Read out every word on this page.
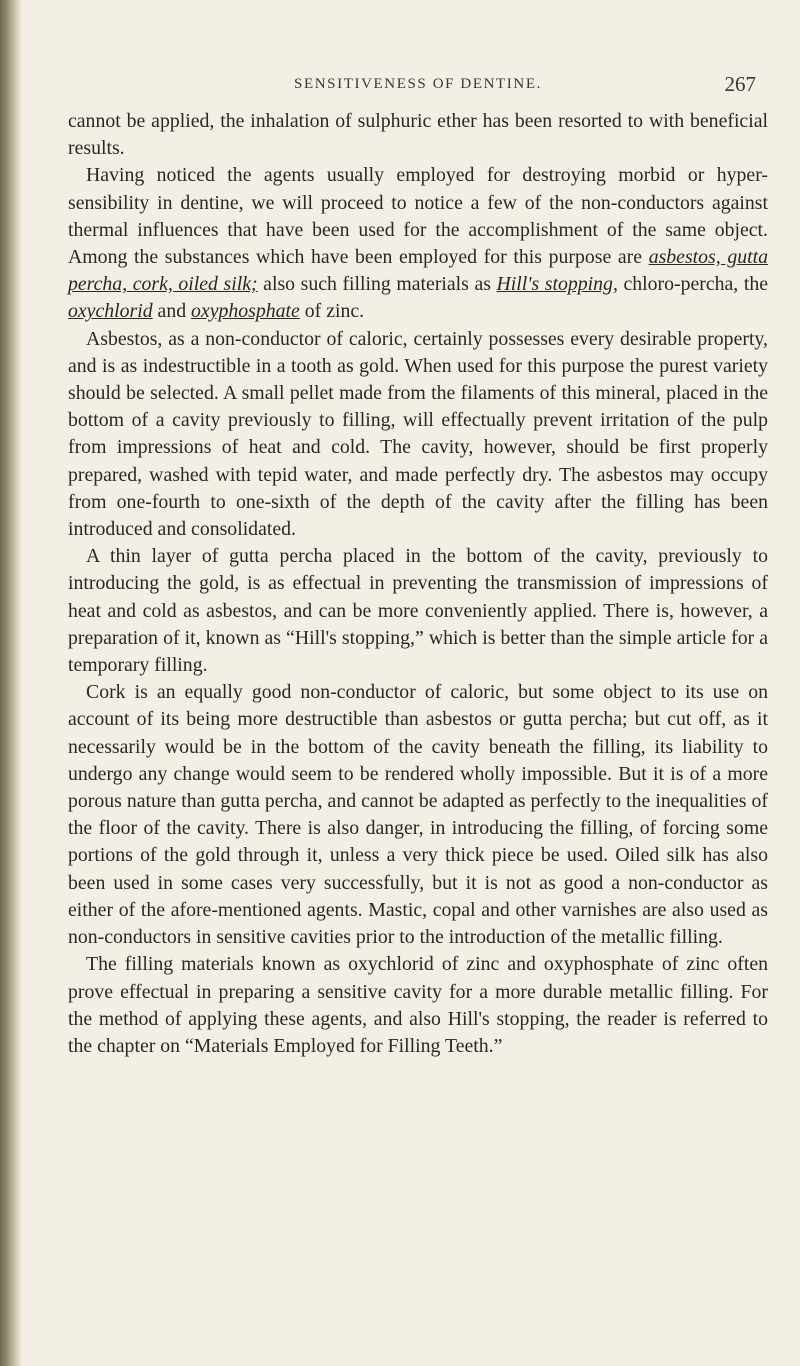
SENSITIVENESS OF DENTINE.	267

cannot be applied, the inhalation of sulphuric ether has been resorted to with beneficial results.

Having noticed the agents usually employed for destroying morbid or hyper-sensibility in dentine, we will proceed to notice a few of the non-conductors against thermal influences that have been used for the accomplishment of the same object. Among the substances which have been employed for this purpose are asbestos, gutta percha, cork, oiled silk; also such filling materials as Hill's stopping, chloro-percha, the oxychlorid and oxyphosphate of zinc.

Asbestos, as a non-conductor of caloric, certainly possesses every desirable property, and is as indestructible in a tooth as gold. When used for this purpose the purest variety should be selected. A small pellet made from the filaments of this mineral, placed in the bottom of a cavity previously to filling, will effectually prevent irritation of the pulp from impressions of heat and cold. The cavity, however, should be first properly prepared, washed with tepid water, and made perfectly dry. The asbestos may occupy from one-fourth to one-sixth of the depth of the cavity after the filling has been introduced and consolidated.

A thin layer of gutta percha placed in the bottom of the cavity, previously to introducing the gold, is as effectual in preventing the transmission of impressions of heat and cold as asbestos, and can be more conveniently applied. There is, however, a preparation of it, known as “Hill's stopping,” which is better than the simple article for a temporary filling.

Cork is an equally good non-conductor of caloric, but some object to its use on account of its being more destructible than asbestos or gutta percha; but cut off, as it necessarily would be in the bottom of the cavity beneath the filling, its liability to undergo any change would seem to be rendered wholly impossible. But it is of a more porous nature than gutta percha, and cannot be adapted as perfectly to the inequalities of the floor of the cavity. There is also danger, in introducing the filling, of forcing some portions of the gold through it, unless a very thick piece be used. Oiled silk has also been used in some cases very successfully, but it is not as good a non-conductor as either of the afore-mentioned agents. Mastic, copal and other varnishes are also used as non-conductors in sensitive cavities prior to the introduction of the metallic filling.

The filling materials known as oxychlorid of zinc and oxyphosphate of zinc often prove effectual in preparing a sensitive cavity for a more durable metallic filling. For the method of applying these agents, and also Hill's stopping, the reader is referred to the chapter on “Materials Employed for Filling Teeth.”
